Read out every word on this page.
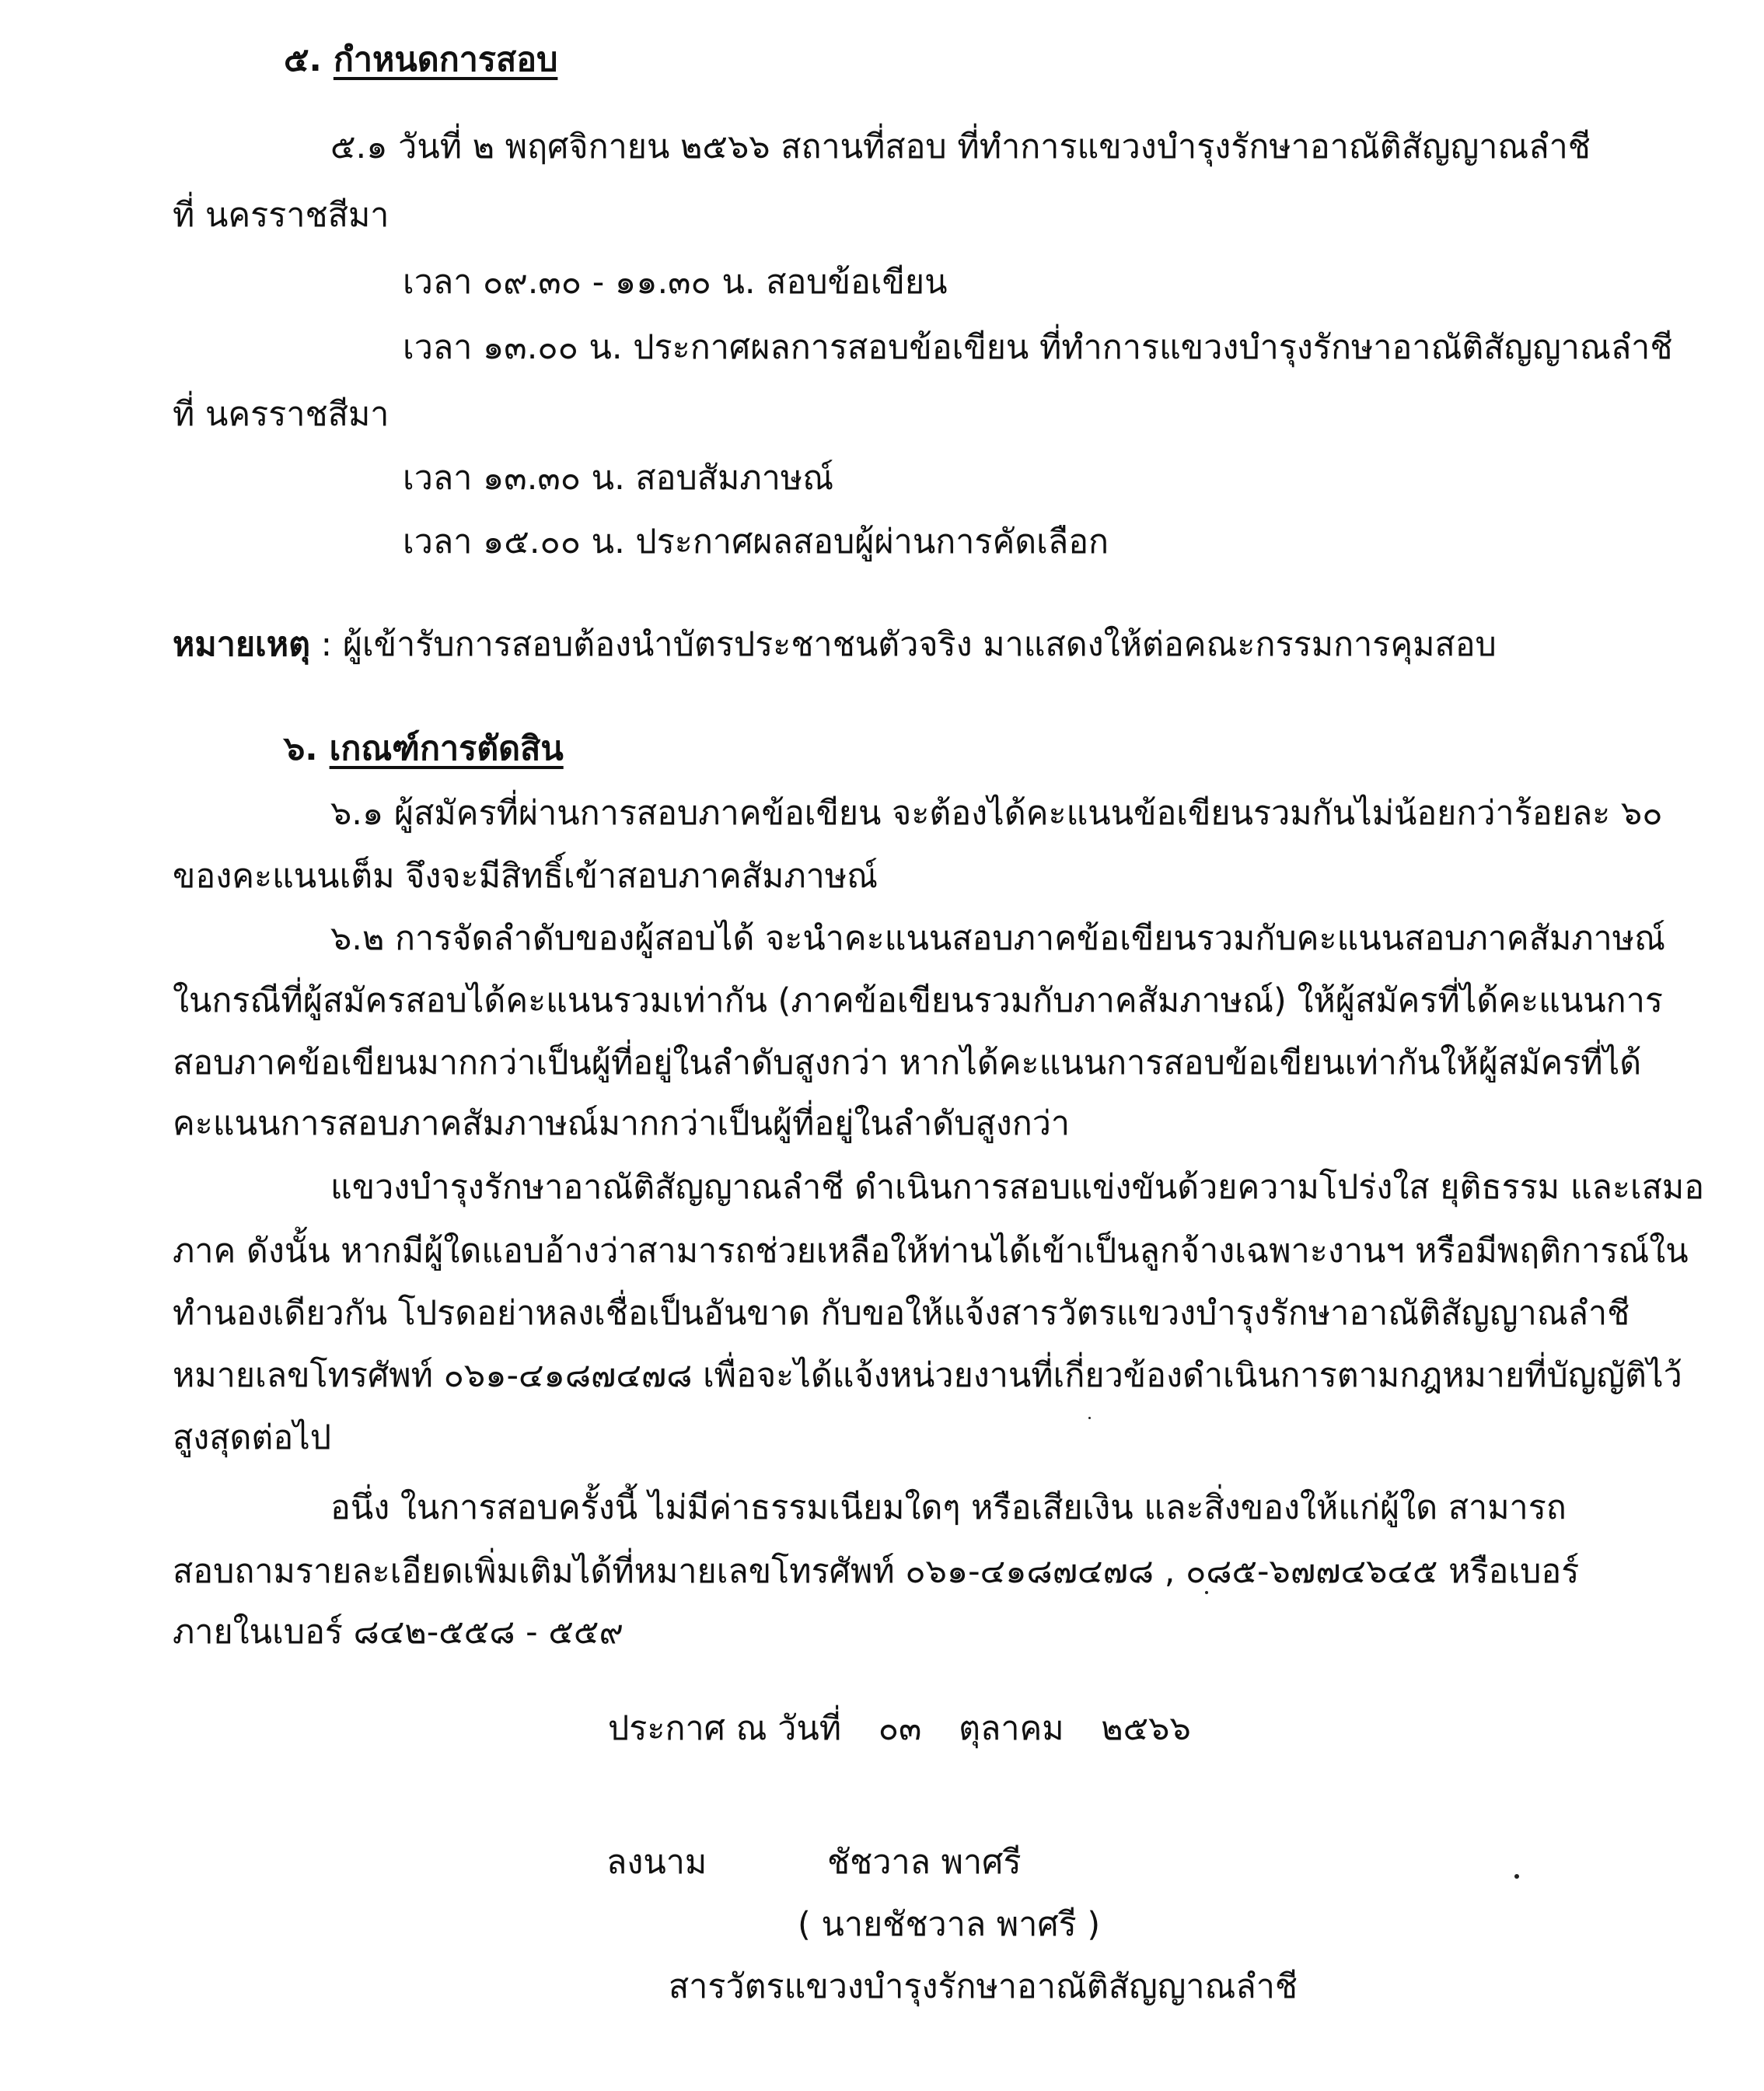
๕. กำหนดการสอบ
๕.๑ วันที่ ๒ พฤศจิกายน ๒๕๖๖ สถานที่สอบ ที่ทำการแขวงบำรุงรักษาอาณัติสัญญาณลำชี
ที่ นครราชสีมา
เวลา ๐๙.๓๐ - ๑๑.๓๐ น. สอบข้อเขียน
เวลา ๑๓.๐๐ น. ประกาศผลการสอบข้อเขียน ที่ทำการแขวงบำรุงรักษาอาณัติสัญญาณลำชี
ที่ นครราชสีมา
เวลา ๑๓.๓๐ น. สอบสัมภาษณ์
เวลา ๑๕.๐๐ น. ประกาศผลสอบผู้ผ่านการคัดเลือก
หมายเหตุ : ผู้เข้ารับการสอบต้องนำบัตรประชาชนตัวจริง มาแสดงให้ต่อคณะกรรมการคุมสอบ
๖. เกณฑ์การตัดสิน
๖.๑ ผู้สมัครที่ผ่านการสอบภาคข้อเขียน จะต้องได้คะแนนข้อเขียนรวมกันไม่น้อยกว่าร้อยละ ๖๐
ของคะแนนเต็ม จึงจะมีสิทธิ์เข้าสอบภาคสัมภาษณ์
๖.๒ การจัดลำดับของผู้สอบได้ จะนำคะแนนสอบภาคข้อเขียนรวมกับคะแนนสอบภาคสัมภาษณ์
ในกรณีที่ผู้สมัครสอบได้คะแนนรวมเท่ากัน (ภาคข้อเขียนรวมกับภาคสัมภาษณ์) ให้ผู้สมัครที่ได้คะแนนการ
สอบภาคข้อเขียนมากกว่าเป็นผู้ที่อยู่ในลำดับสูงกว่า หากได้คะแนนการสอบข้อเขียนเท่ากันให้ผู้สมัครที่ได้
คะแนนการสอบภาคสัมภาษณ์มากกว่าเป็นผู้ที่อยู่ในลำดับสูงกว่า
แขวงบำรุงรักษาอาณัติสัญญาณลำชี ดำเนินการสอบแข่งขันด้วยความโปร่งใส ยุติธรรม และเสมอ
ภาค ดังนั้น หากมีผู้ใดแอบอ้างว่าสามารถช่วยเหลือให้ท่านได้เข้าเป็นลูกจ้างเฉพาะงานฯ หรือมีพฤติการณ์ใน
ทำนองเดียวกัน โปรดอย่าหลงเชื่อเป็นอันขาด กับขอให้แจ้งสารวัตรแขวงบำรุงรักษาอาณัติสัญญาณลำชี
หมายเลขโทรศัพท์ ๐๖๑-๔๑๘๗๔๗๘ เพื่อจะได้แจ้งหน่วยงานที่เกี่ยวข้องดำเนินการตามกฎหมายที่บัญญัติไว้
สูงสุดต่อไป
อนึ่ง ในการสอบครั้งนี้ ไม่มีค่าธรรมเนียมใดๆ หรือเสียเงิน และสิ่งของให้แก่ผู้ใด สามารถ
สอบถามรายละเอียดเพิ่มเติมได้ที่หมายเลขโทรศัพท์ ๐๖๑-๔๑๘๗๔๗๘ , ๐๘๕-๖๗๗๔๖๔๕ หรือเบอร์
ภายในเบอร์ ๘๔๒-๕๕๘ - ๕๕๙
ประกาศ ณ วันที่ ๐๓ ตุลาคม ๒๕๖๖
ลงนาม	ชัชวาล พาศรี
( นายชัชวาล พาศรี )
สารวัตรแขวงบำรุงรักษาอาณัติสัญญาณลำชี
